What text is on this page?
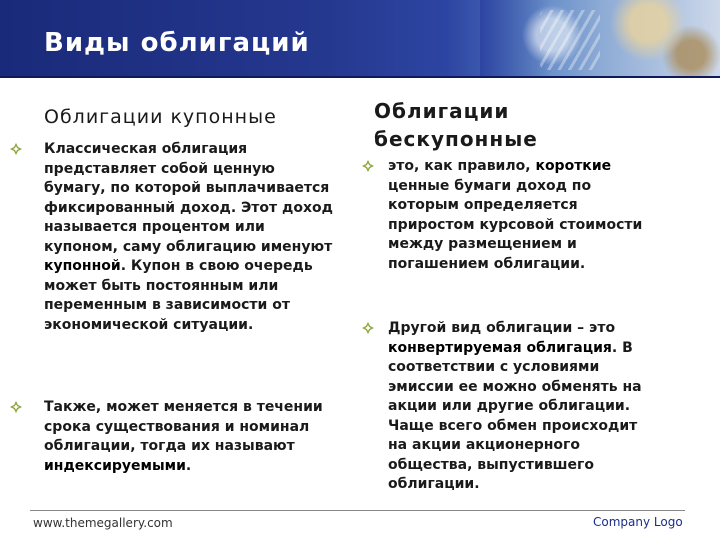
Виды облигаций
Облигации купонные	Облигации
бескупонные
Классическая облигация представляет собой ценную бумагу, по которой выплачивается фиксированный доход. Этот доход называется процентом или купоном, саму облигацию именуют купонной. Купон в свою очередь может быть постоянным или переменным в зависимости от экономической ситуации.
Также, может меняется в течении срока существования и номинал облигации, тогда их называют индексируемыми.
это, как правило, короткие ценные бумаги доход по которым определяется приростом курсовой стоимости между размещением и погашением облигации.
Другой вид облигации – это конвертируемая облигация. В соответствии с условиями эмиссии ее можно обменять на акции или другие облигации. Чаще всего обмен происходит на акции акционерного общества, выпустившего облигации.
www.themegallery.com	Company Logo
